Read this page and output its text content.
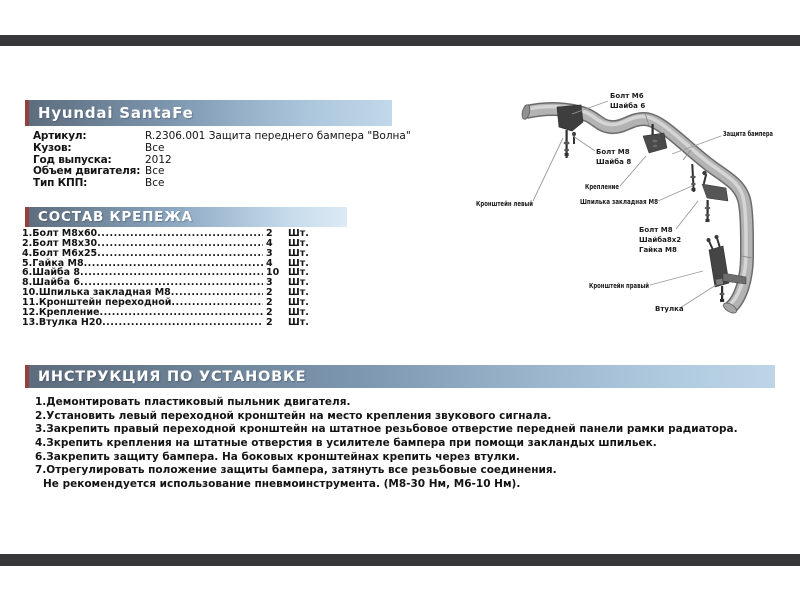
Hyundai SantaFe
Артикул:	R.2306.001 Защита переднего бампера "Волна"
Кузов:	Все
Год выпуска:	2012
Объем двигателя: Все
Тип КПП:	Все
СОСТАВ КРЕПЕЖА
1.Болт М8х60 .....	2	Шт.
2.Болт М8х30 .....	4	Шт.
4.Болт М6х25 .....	3	Шт.
5.Гайка М8 .....	4	Шт.
6.Шайба 8 .....	10 Шт.
8.Шайба 6 .....	3	Шт.
10.Шпилька закладная М8 .....	2	Шт.
11.Кронштейн переходной .....	2	Шт.
12.Крепление .....	2	Шт.
13.Втулка Н20 .....	2	Шт.
ИНСТРУКЦИЯ ПО УСТАНОВКЕ
1.Демонтировать пластиковый пыльник двигателя.
2.Установить левый переходной кронштейн на место крепления звукового сигнала.
3.Закрепить правый переходной кронштейн на штатное резьбовое отверстие передней панели рамки радиатора.
4.Зкрепить крепления на штатные отверстия в усилителе бампера при помощи закландых шпильек.
6.Закрепить защиту бампера. На боковых кронштейнах крепить через втулки.
7.Отрегулировать положение защиты бампера, затянуть все резьбовые соединения.
Не рекомендуется использование пневмоинструмента. (М8-30 Нм, М6-10 Нм).
Болт М6
Шайба 6
Защита бампера
Болт М8
Шайба 8
Крепление
Шпилька закладная М8
Кронштейн левый
Болт М8
Шайба8х2
Гайка М8
Кронштейн правый
Втулка
